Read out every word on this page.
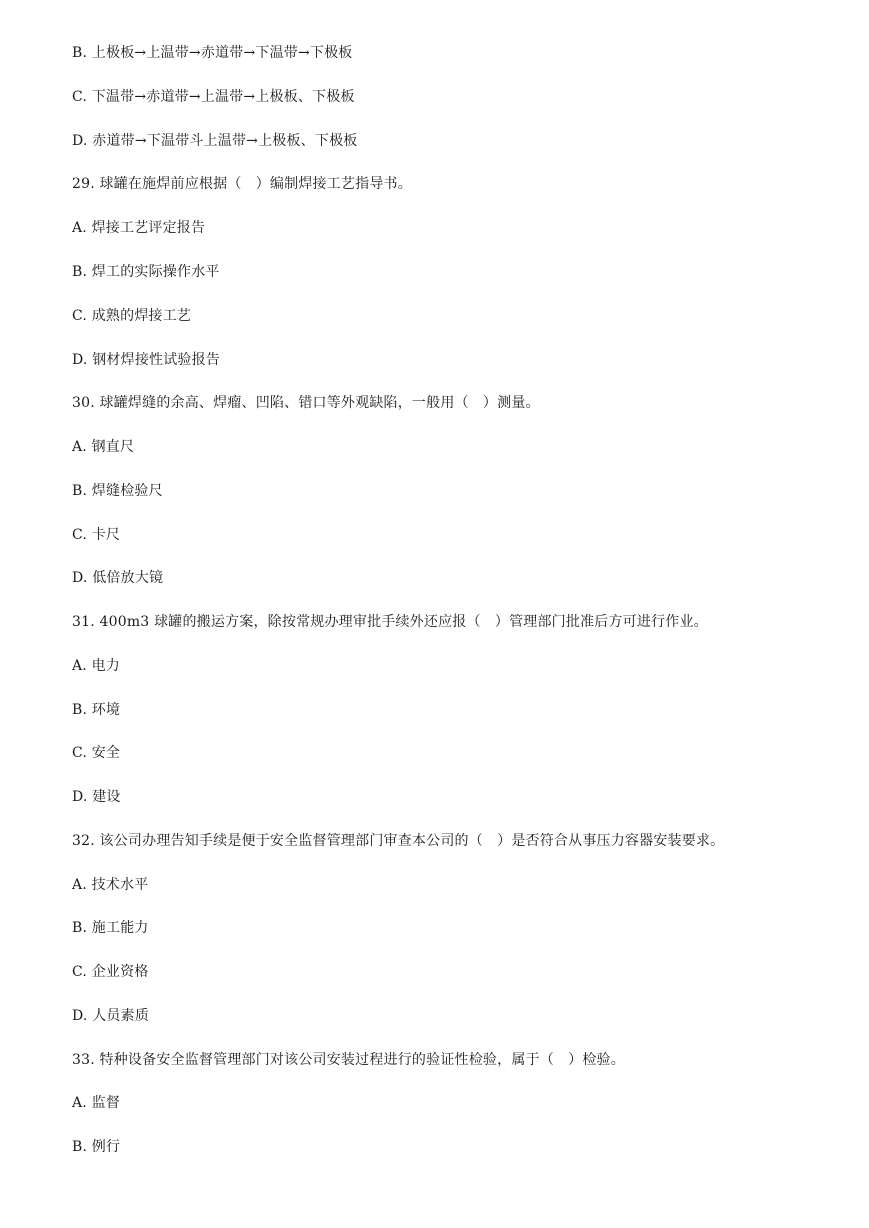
B. 上极板→上温带→赤道带→下温带→下极板
C. 下温带→赤道带→上温带→上极板、下极板
D. 赤道带→下温带斗上温带→上极板、下极板
29. 球罐在施焊前应根据（　）编制焊接工艺指导书。
A. 焊接工艺评定报告
B. 焊工的实际操作水平
C. 成熟的焊接工艺
D. 钢材焊接性试验报告
30. 球罐焊缝的余高、焊瘤、凹陷、错口等外观缺陷，一般用（　）测量。
A. 钢直尺
B. 焊缝检验尺
C. 卡尺
D. 低倍放大镜
31. 400m3 球罐的搬运方案，除按常规办理审批手续外还应报（　）管理部门批准后方可进行作业。
A. 电力
B. 环境
C. 安全
D. 建设
32. 该公司办理告知手续是便于安全监督管理部门审查本公司的（　）是否符合从事压力容器安装要求。
A. 技术水平
B. 施工能力
C. 企业资格
D. 人员素质
33. 特种设备安全监督管理部门对该公司安装过程进行的验证性检验，属于（　）检验。
A. 监督
B. 例行
